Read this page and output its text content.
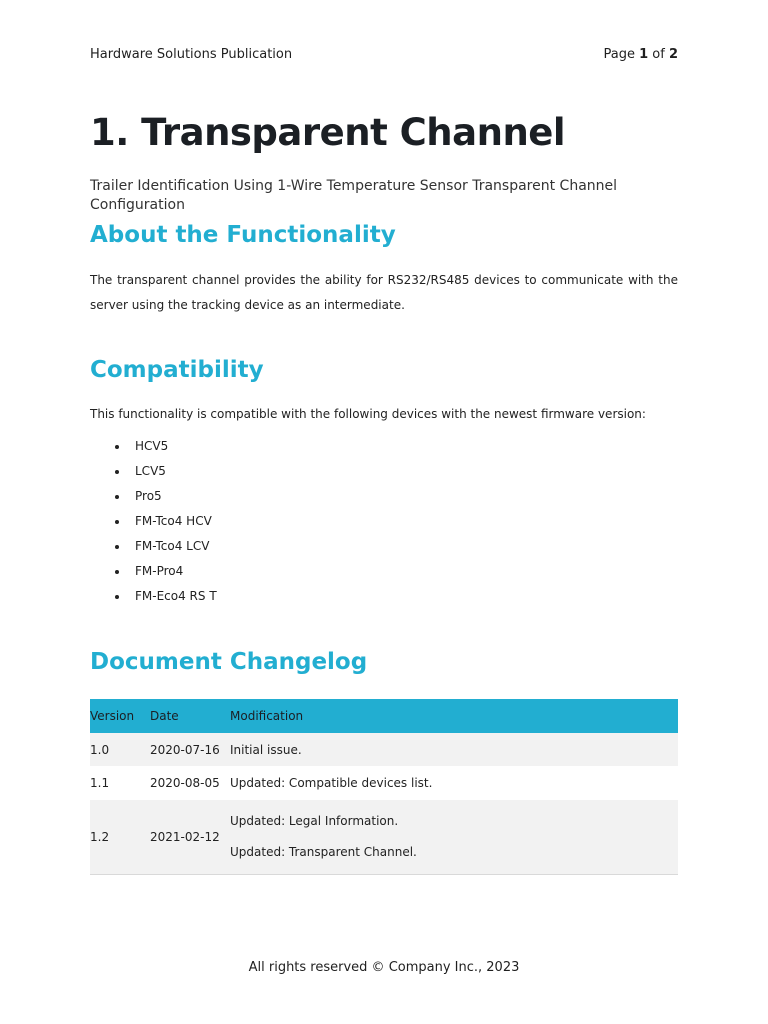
Hardware Solutions Publication	Page 1 of 2
1. Transparent Channel

Trailer Identification Using 1-Wire Temperature Sensor Transparent Channel Configuration

About the Functionality

The transparent channel provides the ability for RS232/RS485 devices to communicate with the server using the tracking device as an intermediate.

Compatibility

This functionality is compatible with the following devices with the newest firmware version:

HCV5
LCV5
Pro5
FM-Tco4 HCV
FM-Tco4 LCV
FM-Pro4
FM-Eco4 RS T
Document Changelog
Version	Date	Modification
1.0	2020-07-16	Initial issue.
1.1	2020-08-05	Updated: Compatible devices list.
1.2	2021-02-12	Updated: Legal Information.
Updated: Transparent Channel.
All rights reserved © Company Inc., 2023
